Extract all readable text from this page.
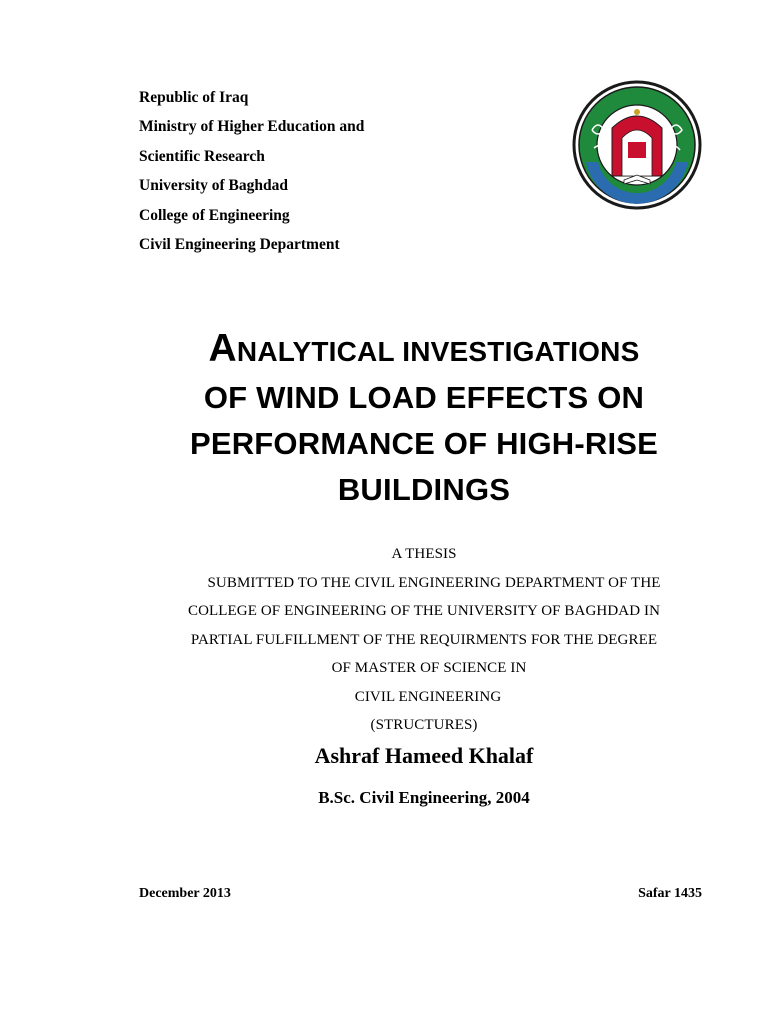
Republic of Iraq
Ministry of Higher Education and
Scientific Research
University of Baghdad
College of Engineering
Civil Engineering Department
ANALYTICAL INVESTIGATIONS
OF WIND LOAD EFFECTS ON
PERFORMANCE OF HIGH-RISE
BUILDINGS
A THESIS
SUBMITTED TO THE CIVIL ENGINEERING DEPARTMENT OF THE
COLLEGE OF ENGINEERING OF THE UNIVERSITY OF BAGHDAD IN
PARTIAL FULFILLMENT OF THE REQUIRMENTS FOR THE DEGREE
OF MASTER OF SCIENCE IN
CIVIL ENGINEERING
(STRUCTURES)
Ashraf Hameed Khalaf
B.Sc. Civil Engineering, 2004
December 2013	Safar 1435
